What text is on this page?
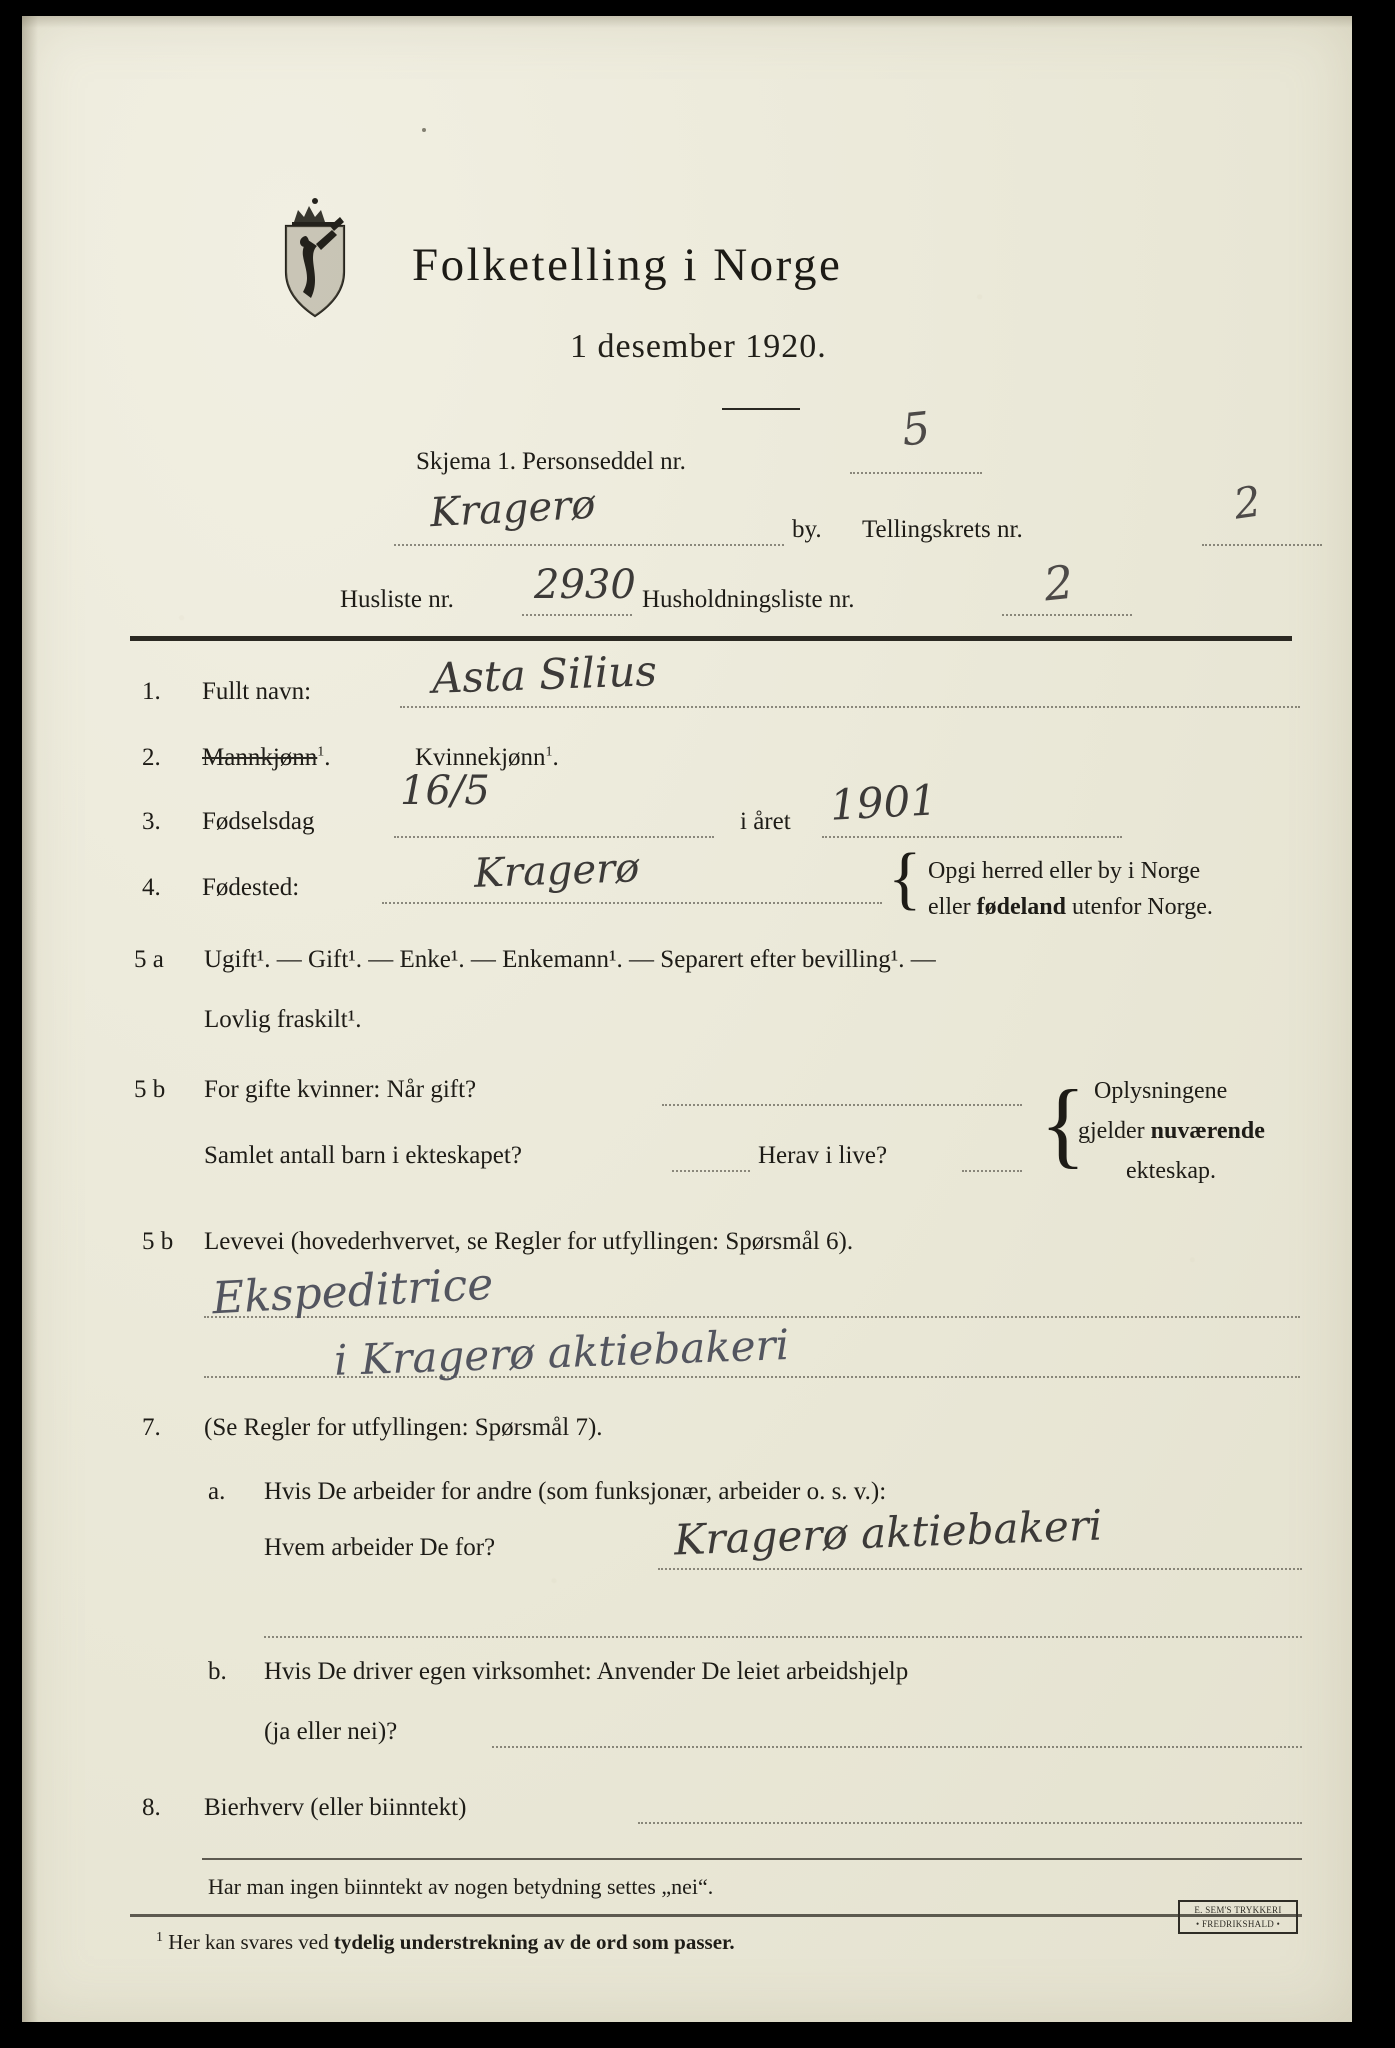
Folketelling i Norge
1 desember 1920.
Skjema 1. Personseddel nr.
5
Kragerø	by. Tellingskrets nr.
2
Husliste nr. 2930 Husholdningsliste nr.	2
1. Fullt navn:	Asta Silius
2. Mannkjønn$^1$.	Kvinnekjønn$^1$.
3. Fødselsdag
16/5
i året 1901
4. Fødested:	Kragerø	{ Opgi herred eller by i Norge
eller fødeland utenfor Norge.
5 a Ugift¹. — Gift¹. — Enke¹. — Enkemann¹. — Separert efter bevilling¹. —
Lovlig fraskilt¹.
5 b For gifte kvinner: Når gift?
Samlet antall barn i ekteskapet?	Herav i live? { Oplysningene
gjelder nuværende
ekteskap.
5 b Levevei (hovederhvervet, se Regler for utfyllingen: Spørsmål 6).
Ekspeditrice
i Kragerø aktiebakeri
7. (Se Regler for utfyllingen: Spørsmål 7).
a. Hvis De arbeider for andre (som funksjonær, arbeider o. s. v.):
Hvem arbeider De for?	Kragerø aktiebakeri
b. Hvis De driver egen virksomhet: Anvender De leiet arbeidshjelp
(ja eller nei)?
8. Bierhverv (eller biinntekt)
Har man ingen biinntekt av nogen betydning settes „nei“.
$^1$ Her kan svares ved tydelig understrekning av de ord som passer.
E. SEM'S TRYKKERI
• FREDRIKSHALD •
